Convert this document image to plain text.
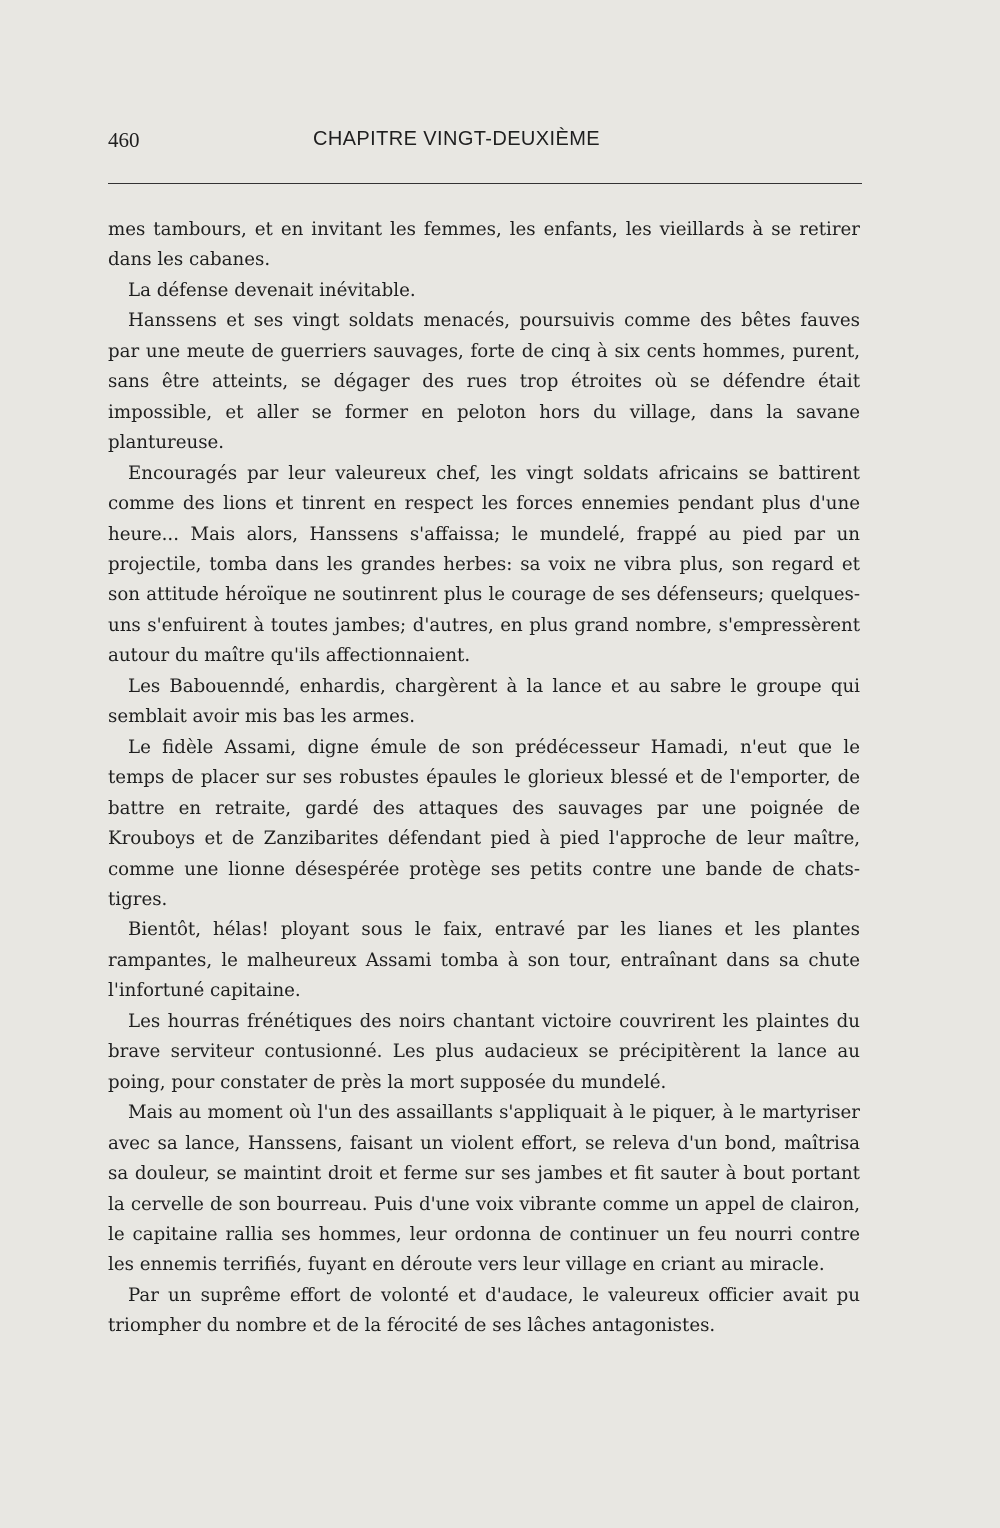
460	CHAPITRE VINGT-DEUXIÈME

mes tambours, et en invitant les femmes, les enfants, les vieillards à se retirer dans les cabanes.

La défense devenait inévitable.

Hanssens et ses vingt soldats menacés, poursuivis comme des bêtes fauves par une meute de guerriers sauvages, forte de cinq à six cents hommes, purent, sans être atteints, se dégager des rues trop étroites où se défendre était impossible, et aller se former en peloton hors du village, dans la savane plantureuse.

Encouragés par leur valeureux chef, les vingt soldats africains se battirent comme des lions et tinrent en respect les forces ennemies pendant plus d'une heure... Mais alors, Hanssens s'affaissa; le mundelé, frappé au pied par un projectile, tomba dans les grandes herbes: sa voix ne vibra plus, son regard et son attitude héroïque ne soutinrent plus le courage de ses défenseurs; quelques-uns s'enfuirent à toutes jambes; d'autres, en plus grand nombre, s'empressèrent autour du maître qu'ils affectionnaient.

Les Babouenndé, enhardis, chargèrent à la lance et au sabre le groupe qui semblait avoir mis bas les armes.

Le fidèle Assami, digne émule de son prédécesseur Hamadi, n'eut que le temps de placer sur ses robustes épaules le glorieux blessé et de l'emporter, de battre en retraite, gardé des attaques des sauvages par une poignée de Krouboys et de Zanzibarites défendant pied à pied l'approche de leur maître, comme une lionne désespérée protège ses petits contre une bande de chats-tigres.

Bientôt, hélas! ployant sous le faix, entravé par les lianes et les plantes rampantes, le malheureux Assami tomba à son tour, entraînant dans sa chute l'infortuné capitaine.

Les hourras frénétiques des noirs chantant victoire couvrirent les plaintes du brave serviteur contusionné. Les plus audacieux se précipitèrent la lance au poing, pour constater de près la mort supposée du mundelé.

Mais au moment où l'un des assaillants s'appliquait à le piquer, à le martyriser avec sa lance, Hanssens, faisant un violent effort, se releva d'un bond, maîtrisa sa douleur, se maintint droit et ferme sur ses jambes et fit sauter à bout portant la cervelle de son bourreau. Puis d'une voix vibrante comme un appel de clairon, le capitaine rallia ses hommes, leur ordonna de continuer un feu nourri contre les ennemis terrifiés, fuyant en déroute vers leur village en criant au miracle.

Par un suprême effort de volonté et d'audace, le valeureux officier avait pu triompher du nombre et de la férocité de ses lâches antagonistes.
